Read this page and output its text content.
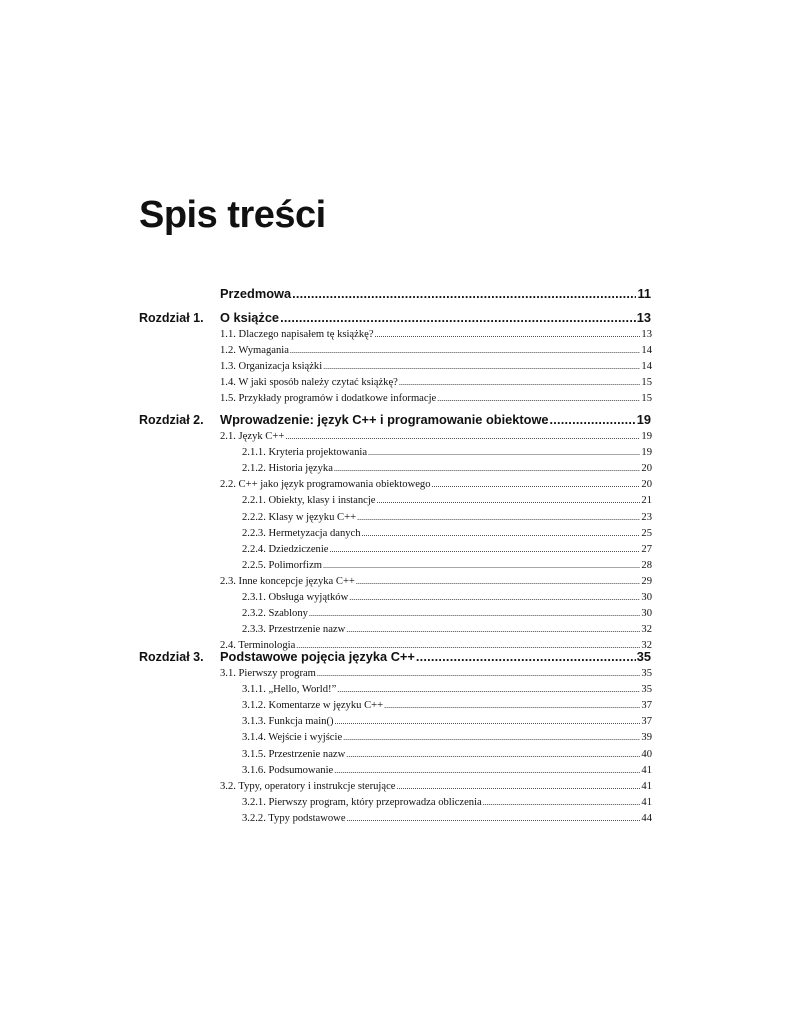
Spis treści
Przedmowa .....	11
Rozdział 1. O książce .....	13
1.1. Dlaczego napisałem tę książkę? .....	13
1.2. Wymagania .....	14
1.3. Organizacja książki .....	14
1.4. W jaki sposób należy czytać książkę? .....	15
1.5. Przykłady programów i dodatkowe informacje .....	15
Rozdział 2. Wprowadzenie: język C++ i programowanie obiektowe .....	19
2.1. Język C++ .....	19
2.1.1. Kryteria projektowania .....	19
2.1.2. Historia języka .....	20
2.2. C++ jako język programowania obiektowego .....	20
2.2.1. Obiekty, klasy i instancje .....	21
2.2.2. Klasy w języku C++ .....	23
2.2.3. Hermetyzacja danych .....	25
2.2.4. Dziedziczenie .....	27
2.2.5. Polimorfizm .....	28
2.3. Inne koncepcje języka C++ .....	29
2.3.1. Obsługa wyjątków .....	30
2.3.2. Szablony .....	30
2.3.3. Przestrzenie nazw .....	32
2.4. Terminologia .....	32
Rozdział 3. Podstawowe pojęcia języka C++ .....	35
3.1. Pierwszy program .....	35
3.1.1. „Hello, World!” .....	35
3.1.2. Komentarze w języku C++ .....	37
3.1.3. Funkcja main() .....	37
3.1.4. Wejście i wyjście .....	39
3.1.5. Przestrzenie nazw .....	40
3.1.6. Podsumowanie .....	41
3.2. Typy, operatory i instrukcje sterujące .....	41
3.2.1. Pierwszy program, który przeprowadza obliczenia .....	41
3.2.2. Typy podstawowe .....	44
